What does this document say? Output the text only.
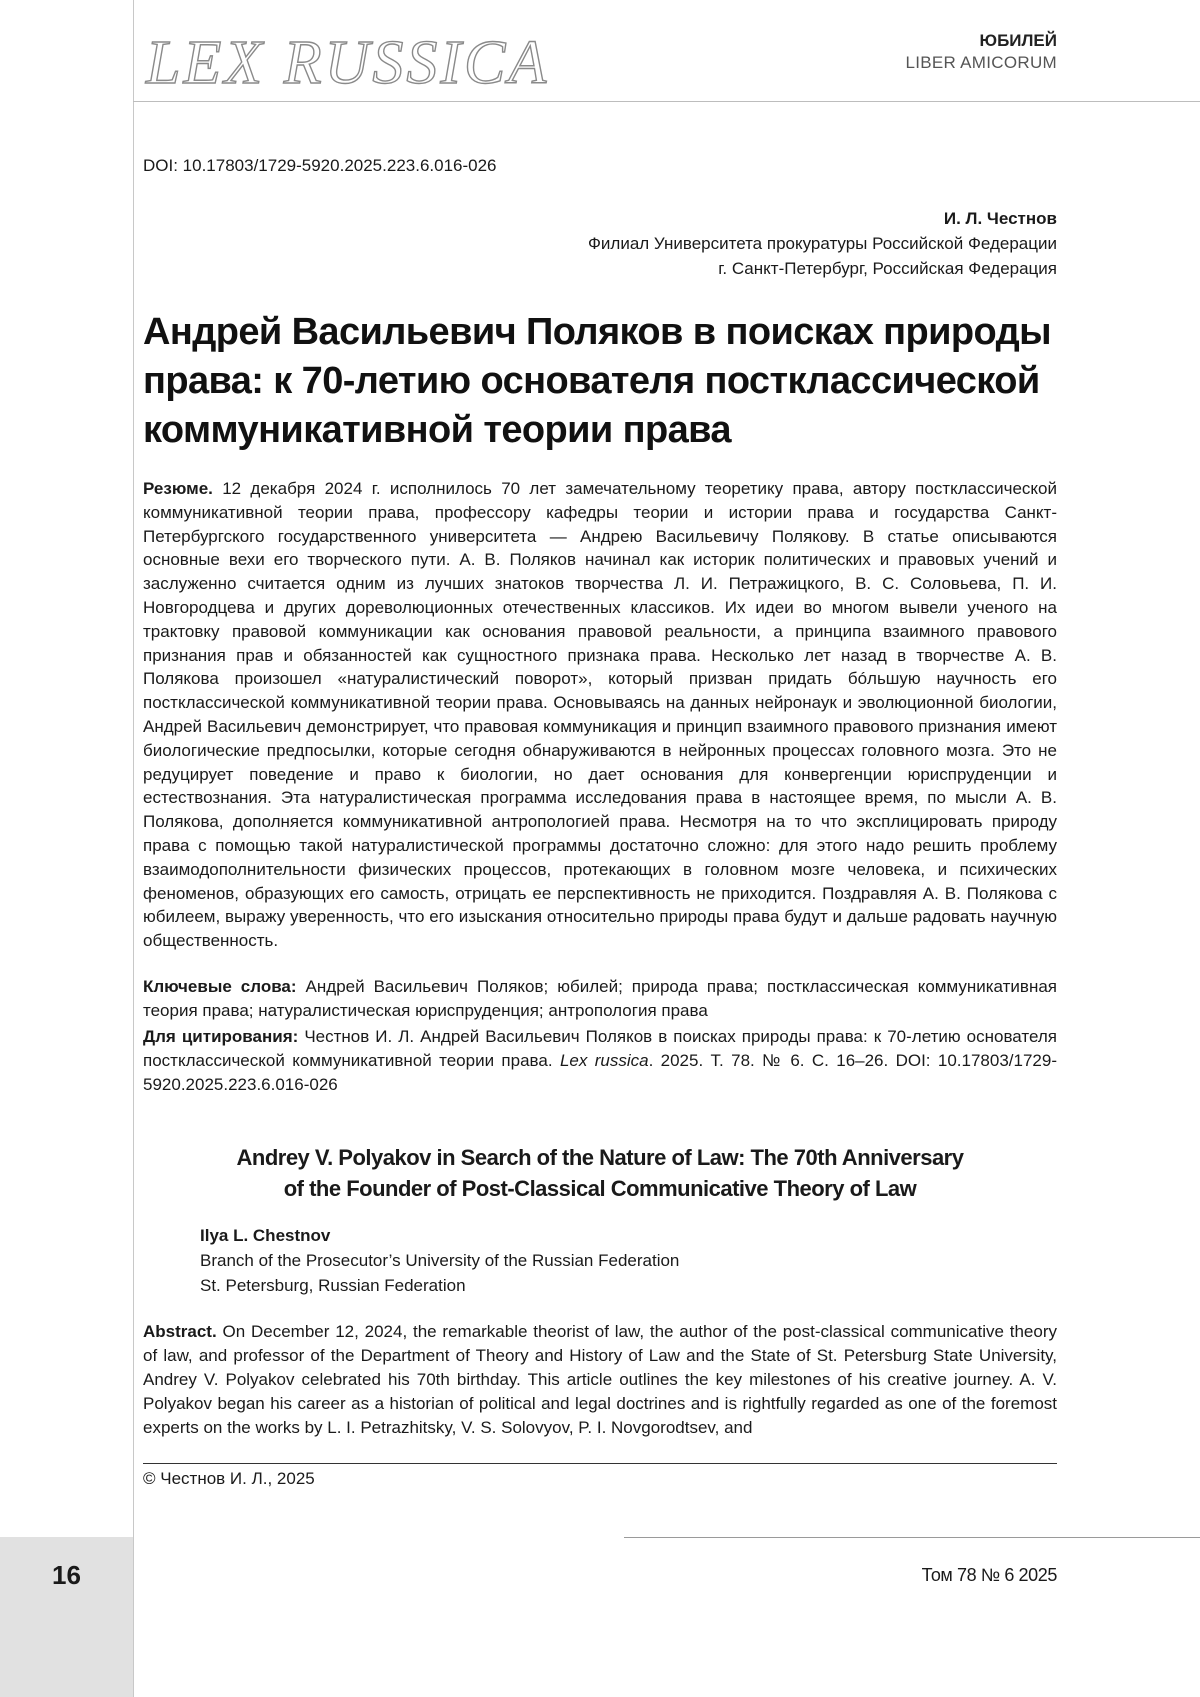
16
LEX RUSSICA	ЮБИЛЕЙ
LIBER AMICORUM
DOI: 10.17803/1729-5920.2025.223.6.016-026
И. Л. Честнов
Филиал Университета прокуратуры Российской Федерации
г. Санкт-Петербург, Российская Федерация
Андрей Васильевич Поляков в поисках природы права: к 70-летию основателя постклассической коммуникативной теории права
Резюме. 12 декабря 2024 г. исполнилось 70 лет замечательному теоретику права, автору постклассической коммуникативной теории права, профессору кафедры теории и истории права и государства Санкт-Петербургского государственного университета — Андрею Васильевичу Полякову. В статье описываются основные вехи его творческого пути. А. В. Поляков начинал как историк политических и правовых учений и заслуженно считается одним из лучших знатоков творчества Л. И. Петражицкого, В. С. Соловьева, П. И. Новгородцева и других дореволюционных отечественных классиков. Их идеи во многом вывели ученого на трактовку правовой коммуникации как основания правовой реальности, а принципа взаимного правового признания прав и обязанностей как сущностного признака права. Несколько лет назад в творчестве А. В. Полякова произошел «натуралистический поворот», который призван придать бóльшую научность его постклассической коммуникативной теории права. Основываясь на данных нейронаук и эволюционной биологии, Андрей Васильевич демонстрирует, что правовая коммуникация и принцип взаимного правового признания имеют биологические предпосылки, которые сегодня обнаруживаются в нейронных процессах головного мозга. Это не редуцирует поведение и право к биологии, но дает основания для конвергенции юриспруденции и естествознания. Эта натуралистическая программа исследования права в настоящее время, по мысли А. В. Полякова, дополняется коммуникативной антропологией права. Несмотря на то что эксплицировать природу права с помощью такой натуралистической программы достаточно сложно: для этого надо решить проблему взаимодополнительности физических процессов, протекающих в головном мозге человека, и психических феноменов, образующих его самость, отрицать ее перспективность не приходится. Поздравляя А. В. Полякова с юбилеем, выражу уверенность, что его изыскания относительно природы права будут и дальше радовать научную общественность.
Ключевые слова: Андрей Васильевич Поляков; юбилей; природа права; постклассическая коммуникативная теория права; натуралистическая юриспруденция; антропология права
Для цитирования: Честнов И. Л. Андрей Васильевич Поляков в поисках природы права: к 70-летию основателя постклассической коммуникативной теории права. Lex russica. 2025. Т. 78. № 6. С. 16–26. DOI: 10.17803/1729-5920.2025.223.6.016-026
Andrey V. Polyakov in Search of the Nature of Law: The 70th Anniversary
of the Founder of Post-Classical Communicative Theory of Law
Ilya L. Chestnov
Branch of the Prosecutor’s University of the Russian Federation
St. Petersburg, Russian Federation
Abstract. On December 12, 2024, the remarkable theorist of law, the author of the post-classical communicative theory of law, and professor of the Department of Theory and History of Law and the State of St. Petersburg State University, Andrey V. Polyakov celebrated his 70th birthday. This article outlines the key milestones of his creative journey. A. V. Polyakov began his career as a historian of political and legal doctrines and is rightfully regarded as one of the foremost experts on the works by L. I. Petrazhitsky, V. S. Solovyov, P. I. Novgorodtsev, and
© Честнов И. Л., 2025
Том 78 № 6 2025
